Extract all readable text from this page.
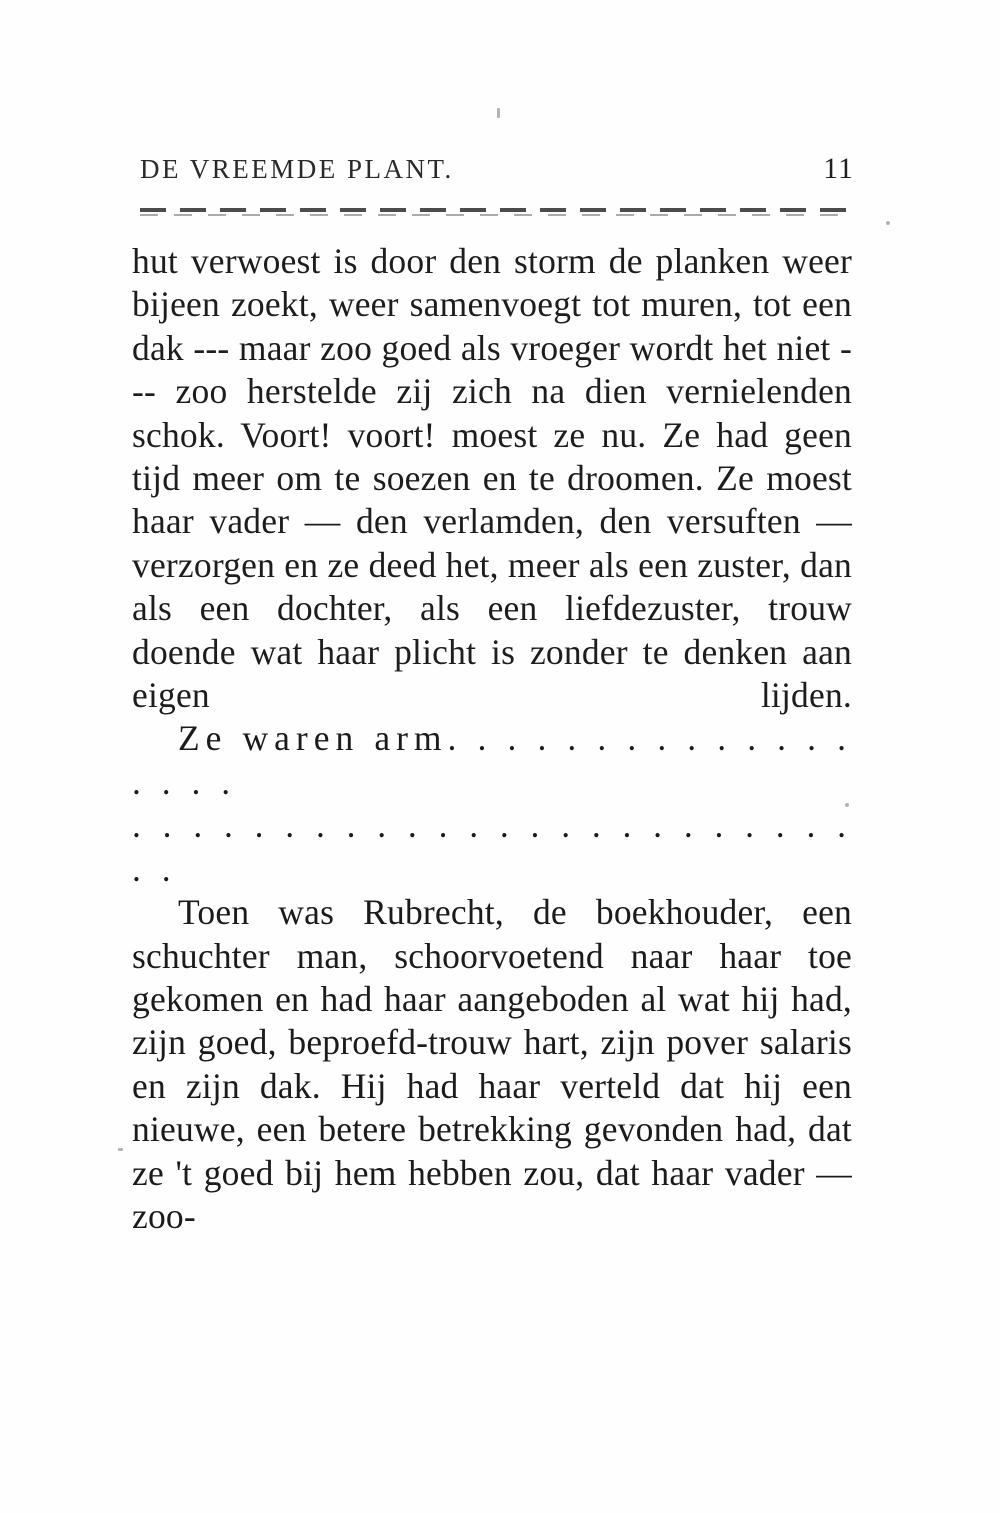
DE VREEMDE PLANT.	11

hut verwoest is door den storm de planken weer bijeen zoekt, weer samenvoegt tot muren, tot een dak --- maar zoo goed als vroeger wordt het niet --- zoo herstelde zij zich na dien vernielenden schok. Voort! voort! moest ze nu. Ze had geen tijd meer om te soezen en te droomen. Ze moest haar vader — den verlamden, den versuften — verzorgen en ze deed het, meer als een zuster, dan als een dochter, als een liefdezuster, trouw doende wat haar plicht is zonder te denken aan eigen lijden.

Ze waren arm. . . . . . . . . . . . . . . . . .

. . . . . . . . . . . . . . . . . . . . . . . . . .

Toen was Rubrecht, de boekhouder, een schuchter man, schoorvoetend naar haar toe gekomen en had haar aangeboden al wat hij had, zijn goed, beproefd-trouw hart, zijn pover salaris en zijn dak. Hij had haar verteld dat hij een nieuwe, een betere betrekking gevonden had, dat ze 't goed bij hem hebben zou, dat haar vader — zoo-
